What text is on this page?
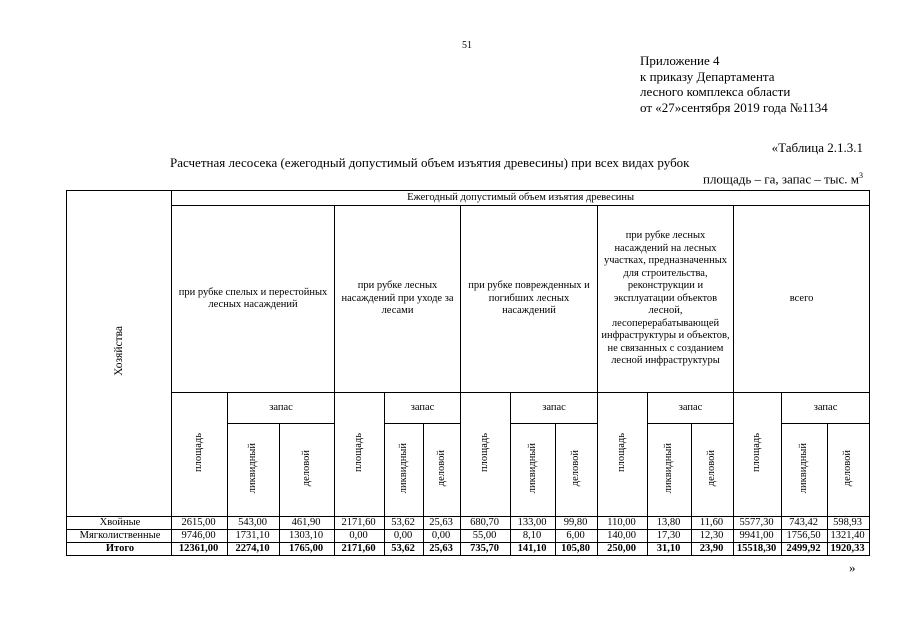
51
Приложение 4
к приказу Департамента
лесного комплекса области
от «27»сентября 2019 года №1134
«Таблица 2.1.3.1
Расчетная лесосека (ежегодный допустимый объем изъятия древесины) при всех видах рубок
площадь – га, запас – тыс. $м^3$
Хозяйства	Ежегодный допустимый объем изъятия древесины														
	при рубке спелых и перестойных лесных насаждений			при рубке лесных насаждений при уходе за лесами			при рубке поврежденных и погибших лесных насаждений			при рубке лесных насаждений на лесных участках, предназначенных для строительства, реконструкции и эксплуатации объектов лесной, лесоперерабатывающей инфраструктуры и объектов, не связанных с созданием лесной инфраструктуры			всего		
	площадь	запас		площадь	запас		площадь	запас		площадь	запас		площадь	запас	
		ликвидный	деловой		ликвидный	деловой		ликвидный	деловой		ликвидный	деловой		ликвидный	деловой
Хвойные	2615,00	543,00	461,90	2171,60	53,62	25,63	680,70	133,00	99,80	110,00	13,80	11,60	5577,30	743,42	598,93
Мягколиственные	9746,00	1731,10	1303,10	0,00	0,00	0,00	55,00	8,10	6,00	140,00	17,30	12,30	9941,00	1756,50	1321,40
Итого	12361,00	2274,10	1765,00	2171,60	53,62	25,63	735,70	141,10	105,80	250,00	31,10	23,90	15518,30	2499,92	1920,33
»
